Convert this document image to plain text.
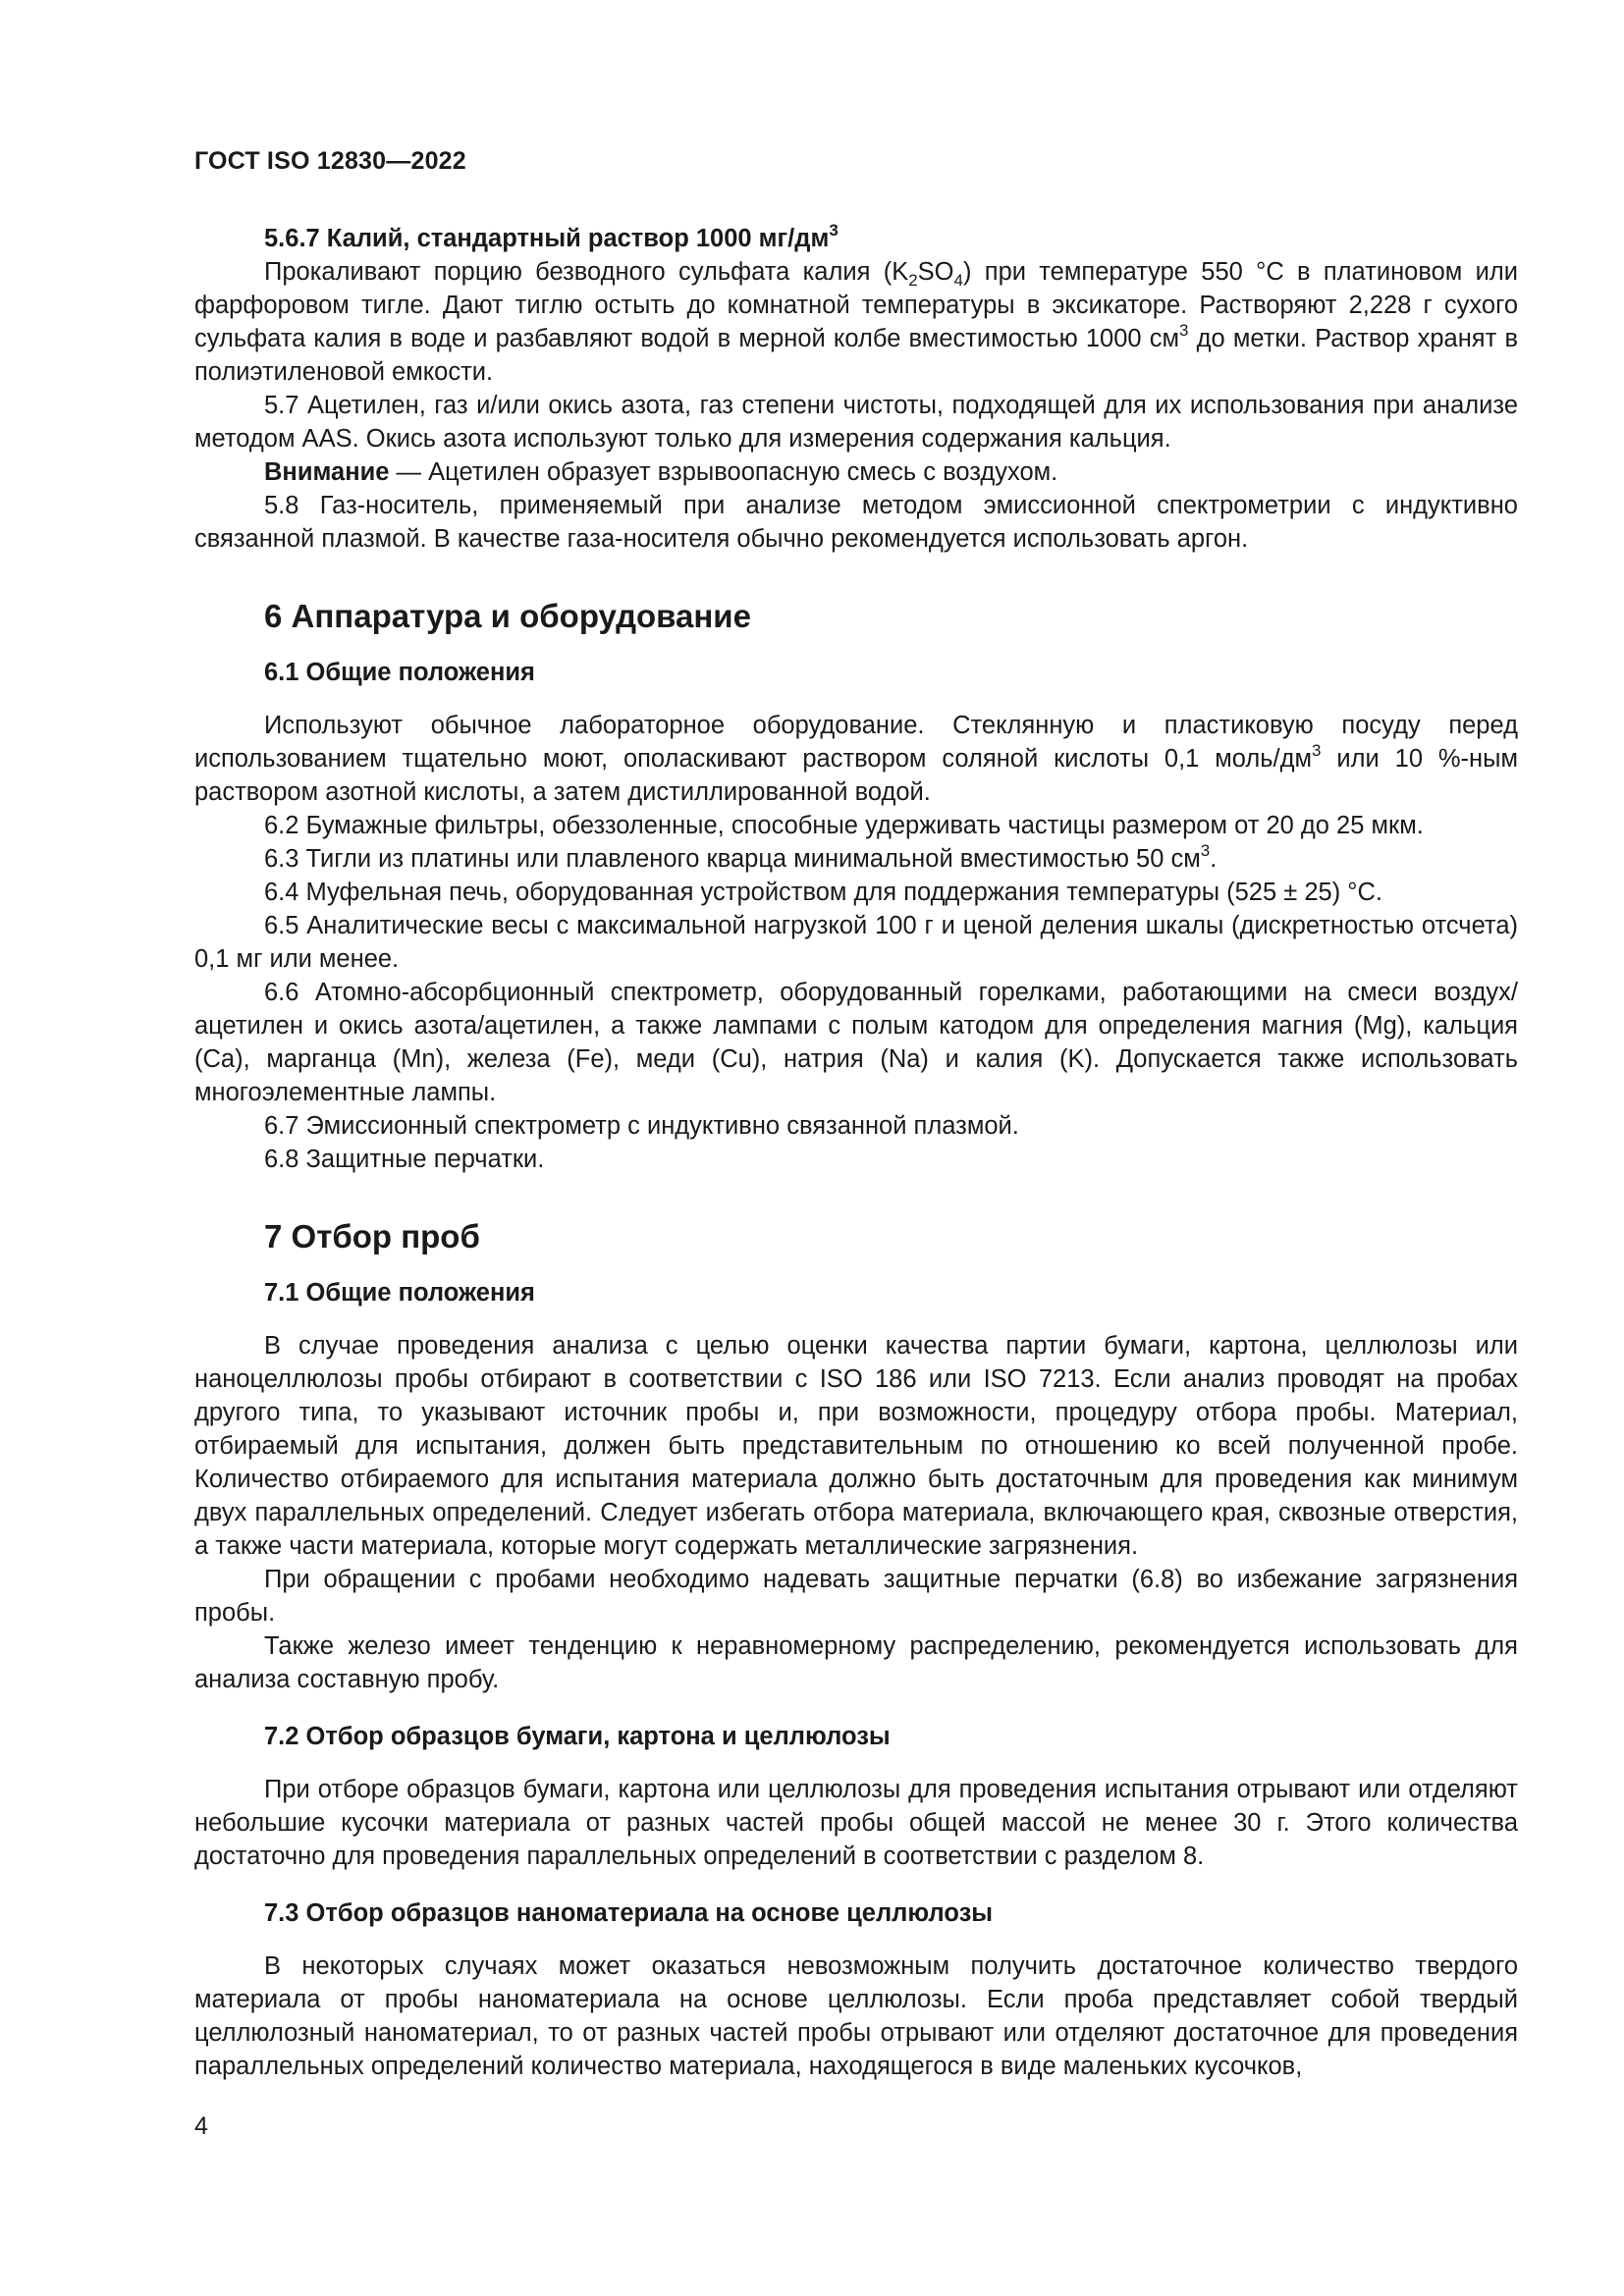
ГОСТ ISO 12830—2022

5.6.7 Калий, стандартный раствор 1000 $мг/дм^3$

Прокаливают порцию безводного сульфата калия $(K_2SO_4)$ при температуре 550 °C в платиновом или фарфоровом тигле. Дают тиглю остыть до комнатной температуры в эксикаторе. Растворяют 2,228 г сухого сульфата калия в воде и разбавляют водой в мерной колбе вместимостью 1000 $см^3$ до метки. Раствор хранят в полиэтиленовой емкости.

5.7 Ацетилен, газ и/или окись азота, газ степени чистоты, подходящей для их использования при анализе методом AAS. Окись азота используют только для измерения содержания кальция.

Внимание — Ацетилен образует взрывоопасную смесь с воздухом.

5.8 Газ-носитель, применяемый при анализе методом эмиссионной спектрометрии с индуктивно связанной плазмой. В качестве газа-носителя обычно рекомендуется использовать аргон.

6 Аппаратура и оборудование

6.1 Общие положения

Используют обычное лабораторное оборудование. Стеклянную и пластиковую посуду перед использованием тщательно моют, ополаскивают раствором соляной кислоты 0,1 моль/$дм^3$ или 10 %-ным раствором азотной кислоты, а затем дистиллированной водой.

6.2 Бумажные фильтры, обеззоленные, способные удерживать частицы размером от 20 до 25 мкм.

6.3 Тигли из платины или плавленого кварца минимальной вместимостью 50 $см^3$.

6.4 Муфельная печь, оборудованная устройством для поддержания температуры (525 ± 25) °C.

6.5 Аналитические весы с максимальной нагрузкой 100 г и ценой деления шкалы (дискретностью отсчета) 0,1 мг или менее.

6.6 Атомно-абсорбционный спектрометр, оборудованный горелками, работающими на смеси воздух/ацетилен и окись азота/ацетилен, а также лампами с полым катодом для определения магния (Mg), кальция (Ca), марганца (Mn), железа (Fe), меди (Cu), натрия (Na) и калия (K). Допускается также использовать многоэлементные лампы.

6.7 Эмиссионный спектрометр с индуктивно связанной плазмой.

6.8 Защитные перчатки.

7 Отбор проб

7.1 Общие положения

В случае проведения анализа с целью оценки качества партии бумаги, картона, целлюлозы или наноцеллюлозы пробы отбирают в соответствии с ISO 186 или ISO 7213. Если анализ проводят на пробах другого типа, то указывают источник пробы и, при возможности, процедуру отбора пробы. Материал, отбираемый для испытания, должен быть представительным по отношению ко всей полученной пробе. Количество отбираемого для испытания материала должно быть достаточным для проведения как минимум двух параллельных определений. Следует избегать отбора материала, включающего края, сквозные отверстия, а также части материала, которые могут содержать металлические загрязнения.

При обращении с пробами необходимо надевать защитные перчатки (6.8) во избежание загрязнения пробы.

Также железо имеет тенденцию к неравномерному распределению, рекомендуется использовать для анализа составную пробу.

7.2 Отбор образцов бумаги, картона и целлюлозы

При отборе образцов бумаги, картона или целлюлозы для проведения испытания отрывают или отделяют небольшие кусочки материала от разных частей пробы общей массой не менее 30 г. Этого количества достаточно для проведения параллельных определений в соответствии с разделом 8.

7.3 Отбор образцов наноматериала на основе целлюлозы

В некоторых случаях может оказаться невозможным получить достаточное количество твердого материала от пробы наноматериала на основе целлюлозы. Если проба представляет собой твердый целлюлозный наноматериал, то от разных частей пробы отрывают или отделяют достаточное для проведения параллельных определений количество материала, находящегося в виде маленьких кусочков,

4
